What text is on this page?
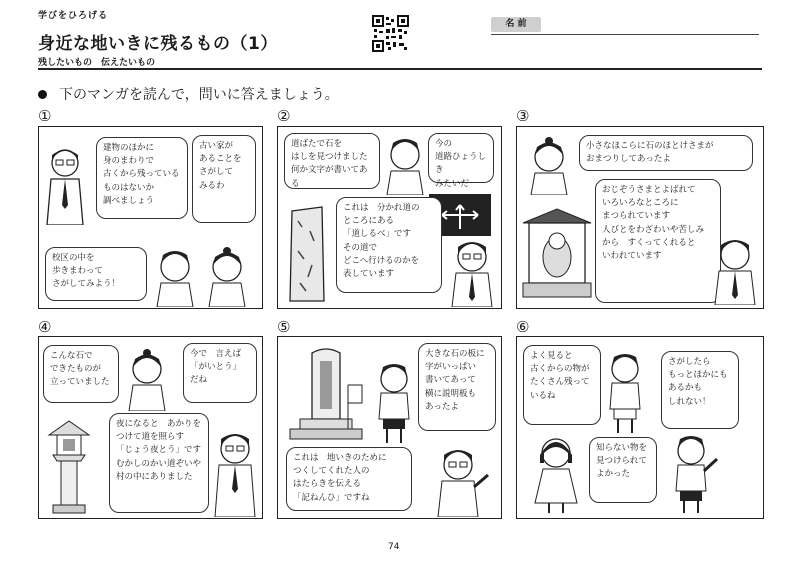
学びをひろげる
身近な地いきに残るもの（1）
残したいもの　伝えたいもの
名 前
下のマンガを読んで，問いに答えましょう。
①	②	③
④	⑤	⑥
建物のほかに
身のまわりで
古くから残っている
ものはないか
調べましょう
古い家が
あることを
さがして
みるわ
校区の中を
歩きまわって
さがしてみよう！
道ばたで石を
はしを見つけました
何か文字が書いてある
今の
道路ひょうしき
みたいだ
これは　分かれ道の
ところにある
「道しるべ」です
その道で
どこへ行けるのかを
表しています
小さなほこらに石のほとけさまが
おまつりしてあったよ
おじぞうさまとよばれて
いろいろなところに
まつられています
人びとをわざわいや苦しみ
から　すくってくれると
いわれています
こんな石で
できたものが
立っていました
今で　言えば
「がいとう」
だね
夜になると　あかりを
つけて道を照らす
「じょう夜とう」です
むかしのかい道ぞいや
村の中にありました
大きな石の板に
字がいっぱい
書いてあって
横に説明板も
あったよ
これは　地いきのために
つくしてくれた人の
はたらきを伝える
「記ねんひ」ですね
よく見ると
古くからの物が
たくさん残って
いるね
さがしたら
もっとほかにも
あるかも
しれない！
知らない物を
見つけられて
よかった
74
